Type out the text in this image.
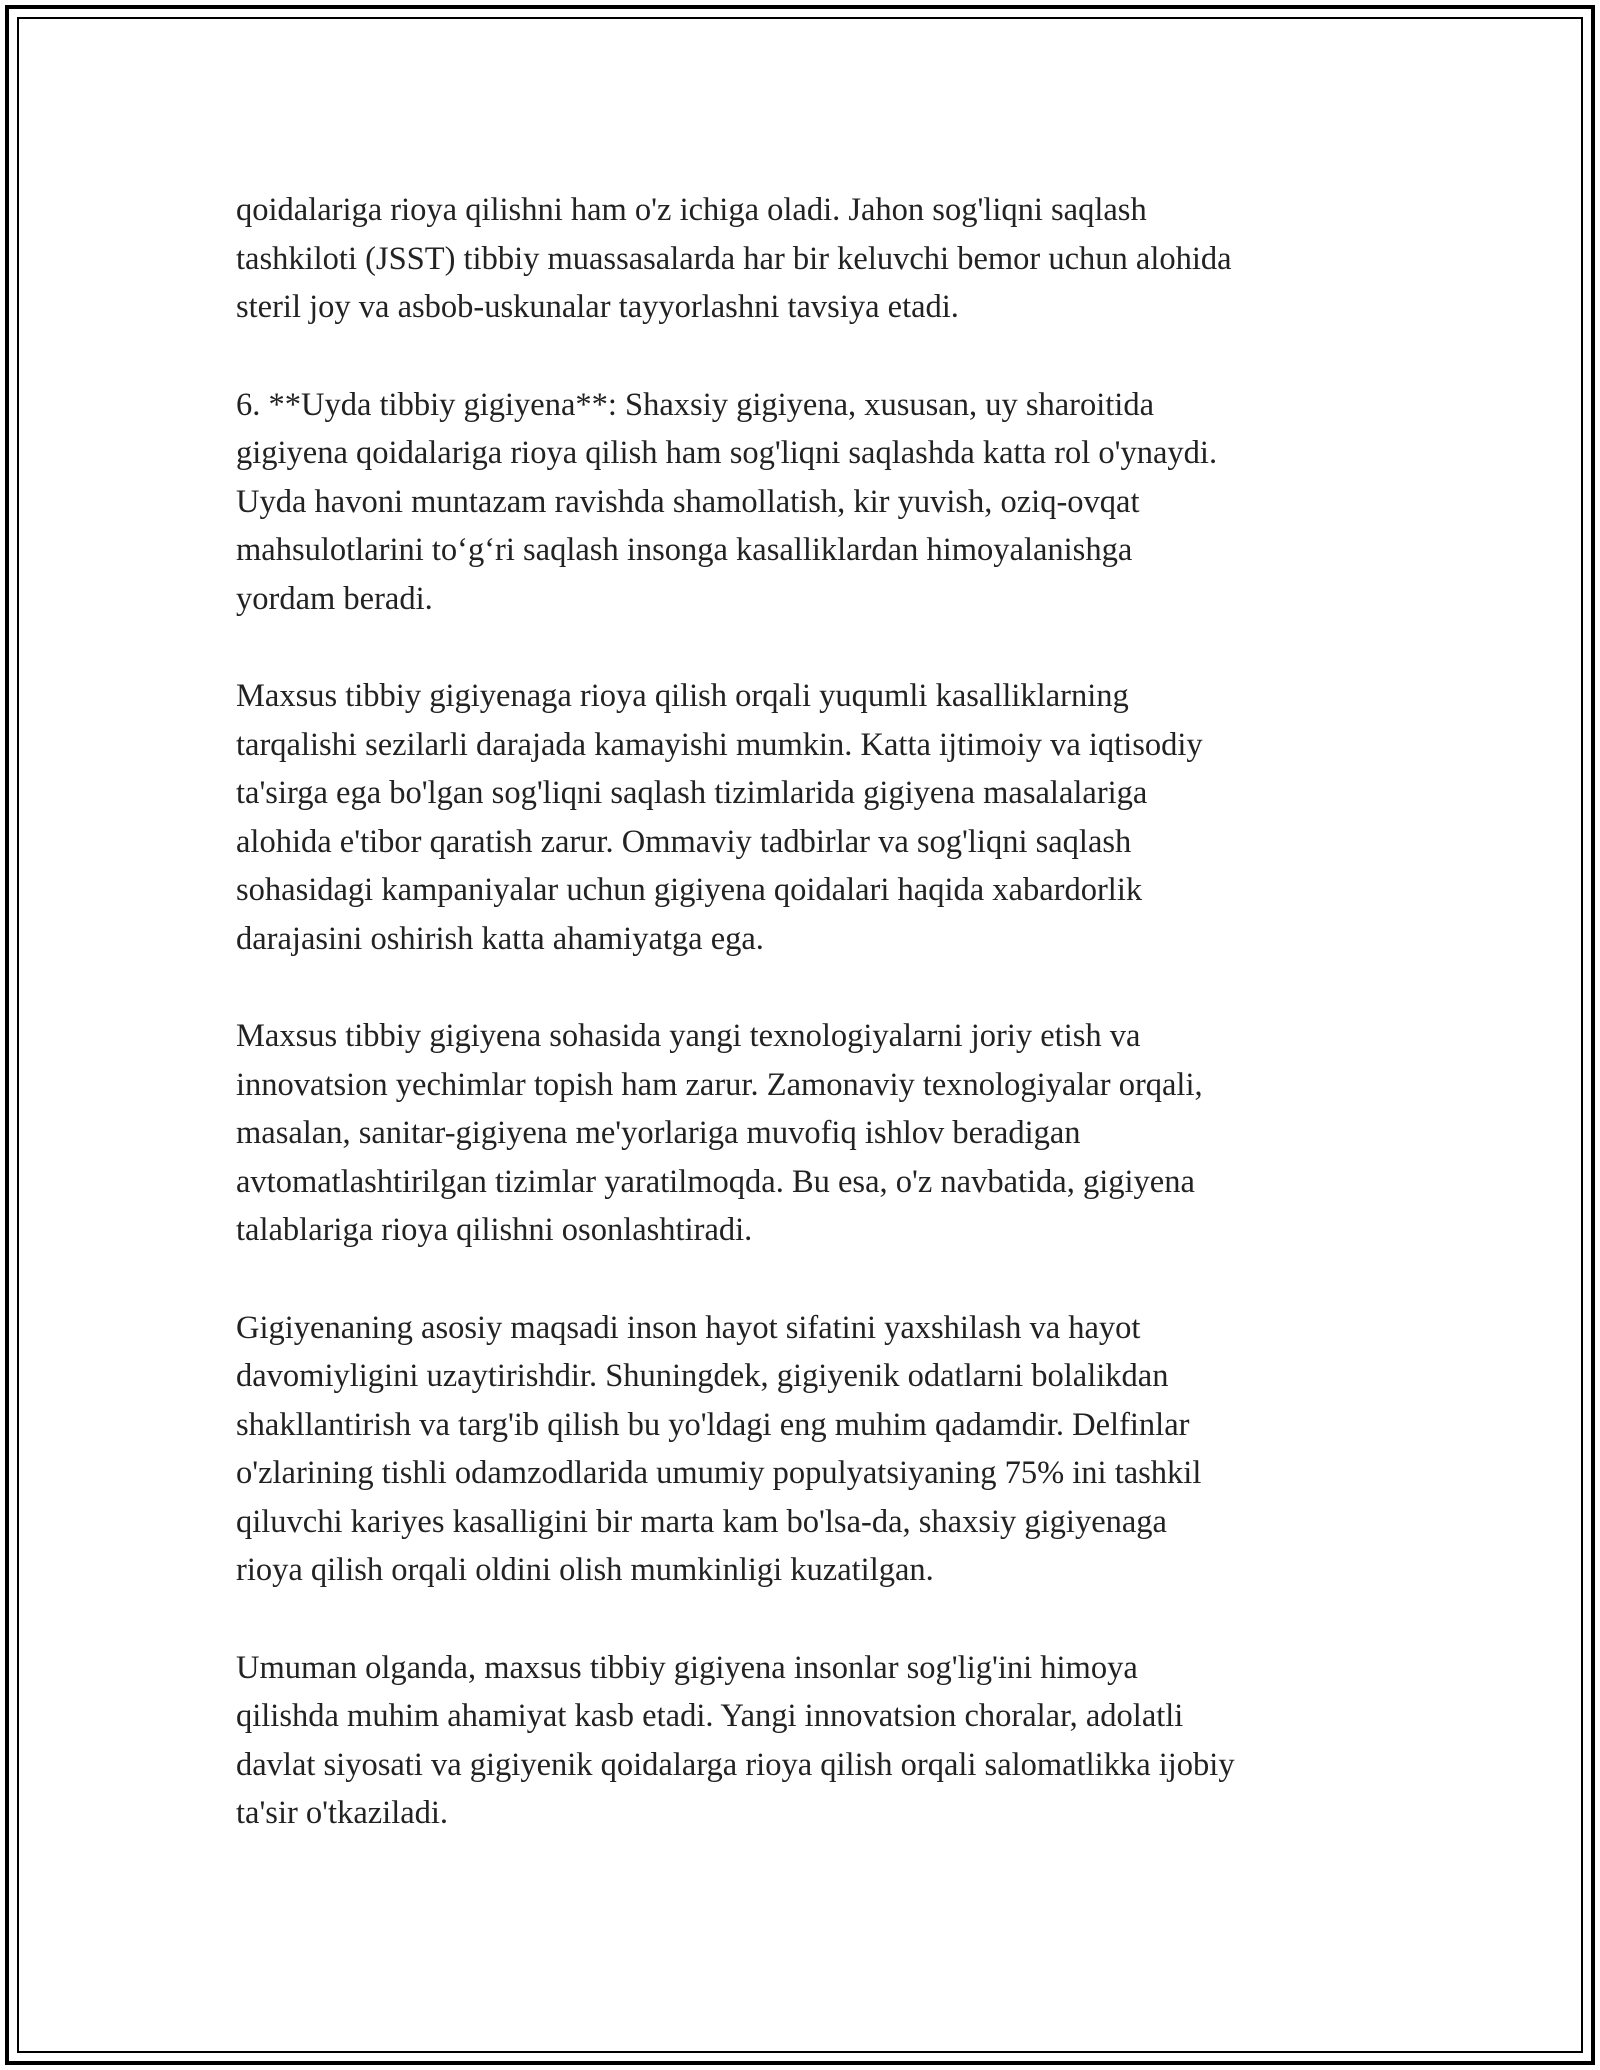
qoidalariga rioya qilishni ham o'z ichiga oladi. Jahon sog'liqni saqlash
tashkiloti (JSST) tibbiy muassasalarda har bir keluvchi bemor uchun alohida
steril joy va asbob-uskunalar tayyorlashni tavsiya etadi.

6. **Uyda tibbiy gigiyena**: Shaxsiy gigiyena, xususan, uy sharoitida
gigiyena qoidalariga rioya qilish ham sog'liqni saqlashda katta rol o'ynaydi.
Uyda havoni muntazam ravishda shamollatish, kir yuvish, oziq-ovqat
mahsulotlarini to‘g‘ri saqlash insonga kasalliklardan himoyalanishga
yordam beradi.

Maxsus tibbiy gigiyenaga rioya qilish orqali yuqumli kasalliklarning
tarqalishi sezilarli darajada kamayishi mumkin. Katta ijtimoiy va iqtisodiy
ta'sirga ega bo'lgan sog'liqni saqlash tizimlarida gigiyena masalalariga
alohida e'tibor qaratish zarur. Ommaviy tadbirlar va sog'liqni saqlash
sohasidagi kampaniyalar uchun gigiyena qoidalari haqida xabardorlik
darajasini oshirish katta ahamiyatga ega.

Maxsus tibbiy gigiyena sohasida yangi texnologiyalarni joriy etish va
innovatsion yechimlar topish ham zarur. Zamonaviy texnologiyalar orqali,
masalan, sanitar-gigiyena me'yorlariga muvofiq ishlov beradigan
avtomatlashtirilgan tizimlar yaratilmoqda. Bu esa, o'z navbatida, gigiyena
talablariga rioya qilishni osonlashtiradi.

Gigiyenaning asosiy maqsadi inson hayot sifatini yaxshilash va hayot
davomiyligini uzaytirishdir. Shuningdek, gigiyenik odatlarni bolalikdan
shakllantirish va targ'ib qilish bu yo'ldagi eng muhim qadamdir. Delfinlar
o'zlarining tishli odamzodlarida umumiy populyatsiyaning 75% ini tashkil
qiluvchi kariyes kasalligini bir marta kam bo'lsa-da, shaxsiy gigiyenaga
rioya qilish orqali oldini olish mumkinligi kuzatilgan.

Umuman olganda, maxsus tibbiy gigiyena insonlar sog'lig'ini himoya
qilishda muhim ahamiyat kasb etadi. Yangi innovatsion choralar, adolatli
davlat siyosati va gigiyenik qoidalarga rioya qilish orqali salomatlikka ijobiy
ta'sir o'tkaziladi.
